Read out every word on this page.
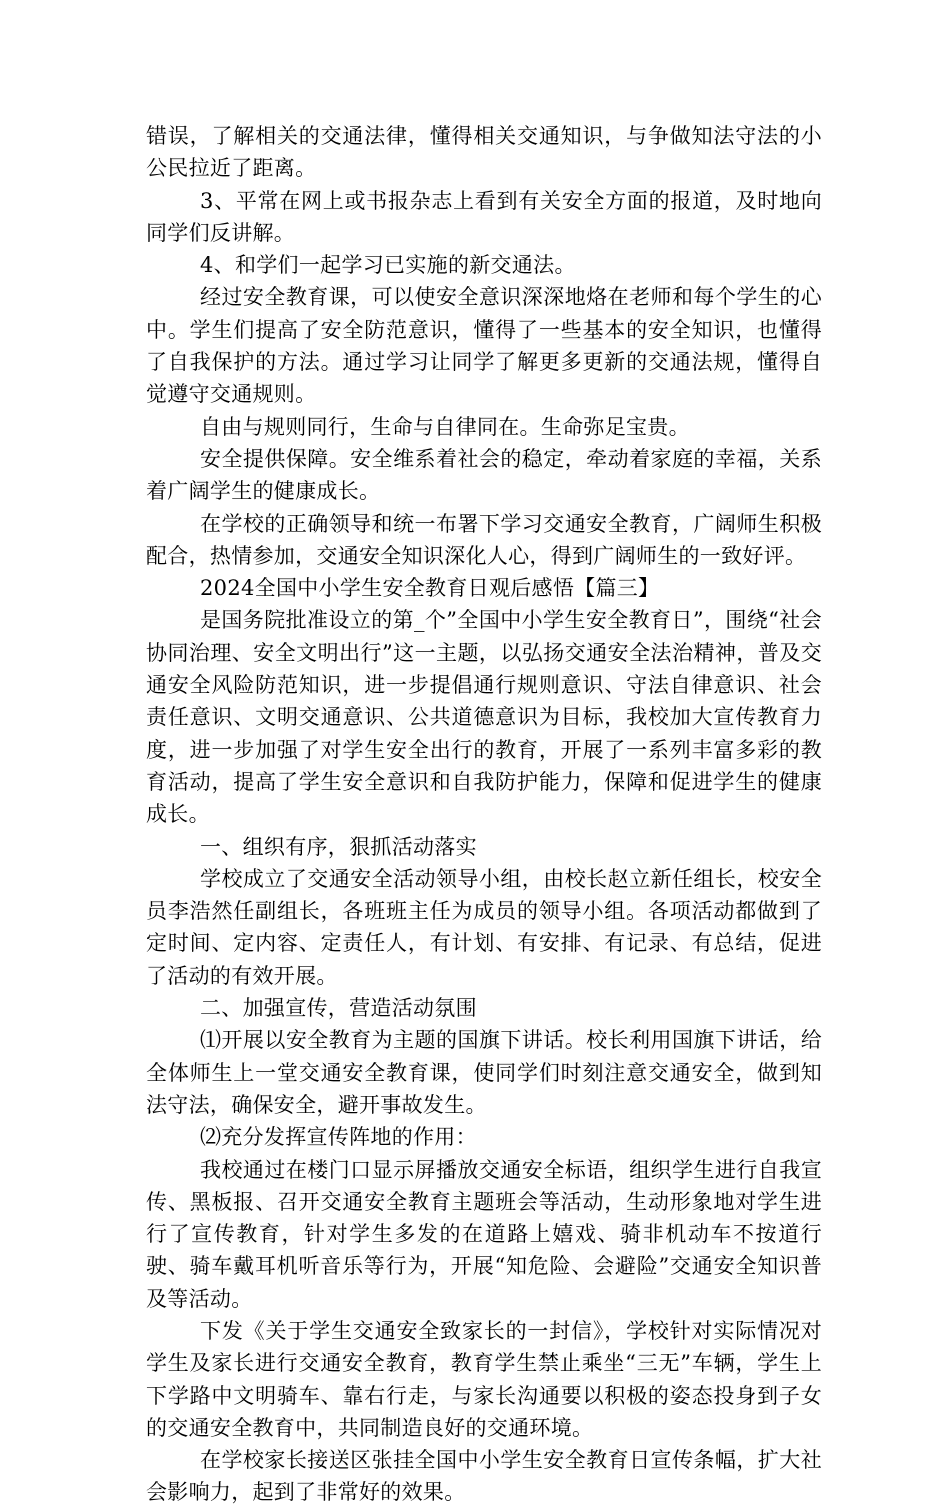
错误，了解相关的交通法律，懂得相关交通知识，与争做知法守法的小公民拉近了距离。

3、平常在网上或书报杂志上看到有关安全方面的报道，及时地向同学们反讲解。

4、和学们一起学习已实施的新交通法。

经过安全教育课，可以使安全意识深深地烙在老师和每个学生的心中。学生们提高了安全防范意识，懂得了一些基本的安全知识，也懂得了自我保护的方法。通过学习让同学了解更多更新的交通法规，懂得自觉遵守交通规则。

自由与规则同行，生命与自律同在。生命弥足宝贵。

安全提供保障。安全维系着社会的稳定，牵动着家庭的幸福，关系着广阔学生的健康成长。

在学校的正确领导和统一布署下学习交通安全教育，广阔师生积极配合，热情参加，交通安全知识深化人心，得到广阔师生的一致好评。

2024全国中小学生安全教育日观后感悟【篇三】

是国务院批准设立的第_个”全国中小学生安全教育日”，围绕“社会协同治理、安全文明出行”这一主题，以弘扬交通安全法治精神，普及交通安全风险防范知识，进一步提倡通行规则意识、守法自律意识、社会责任意识、文明交通意识、公共道德意识为目标，我校加大宣传教育力度，进一步加强了对学生安全出行的教育，开展了一系列丰富多彩的教育活动，提高了学生安全意识和自我防护能力，保障和促进学生的健康成长。

一、组织有序，狠抓活动落实

学校成立了交通安全活动领导小组，由校长赵立新任组长，校安全员李浩然任副组长，各班班主任为成员的领导小组。各项活动都做到了定时间、定内容、定责任人，有计划、有安排、有记录、有总结，促进了活动的有效开展。

二、加强宣传，营造活动氛围

⑴开展以安全教育为主题的国旗下讲话。校长利用国旗下讲话，给全体师生上一堂交通安全教育课，使同学们时刻注意交通安全，做到知法守法，确保安全，避开事故发生。

⑵充分发挥宣传阵地的作用：

我校通过在楼门口显示屏播放交通安全标语，组织学生进行自我宣传、黑板报、召开交通安全教育主题班会等活动，生动形象地对学生进行了宣传教育，针对学生多发的在道路上嬉戏、骑非机动车不按道行驶、骑车戴耳机听音乐等行为，开展“知危险、会避险”交通安全知识普及等活动。

下发《关于学生交通安全致家长的一封信》，学校针对实际情况对学生及家长进行交通安全教育，教育学生禁止乘坐“三无”车辆，学生上下学路中文明骑车、靠右行走，与家长沟通要以积极的姿态投身到子女的交通安全教育中，共同制造良好的交通环境。

在学校家长接送区张挂全国中小学生安全教育日宣传条幅，扩大社会影响力，起到了非常好的效果。
